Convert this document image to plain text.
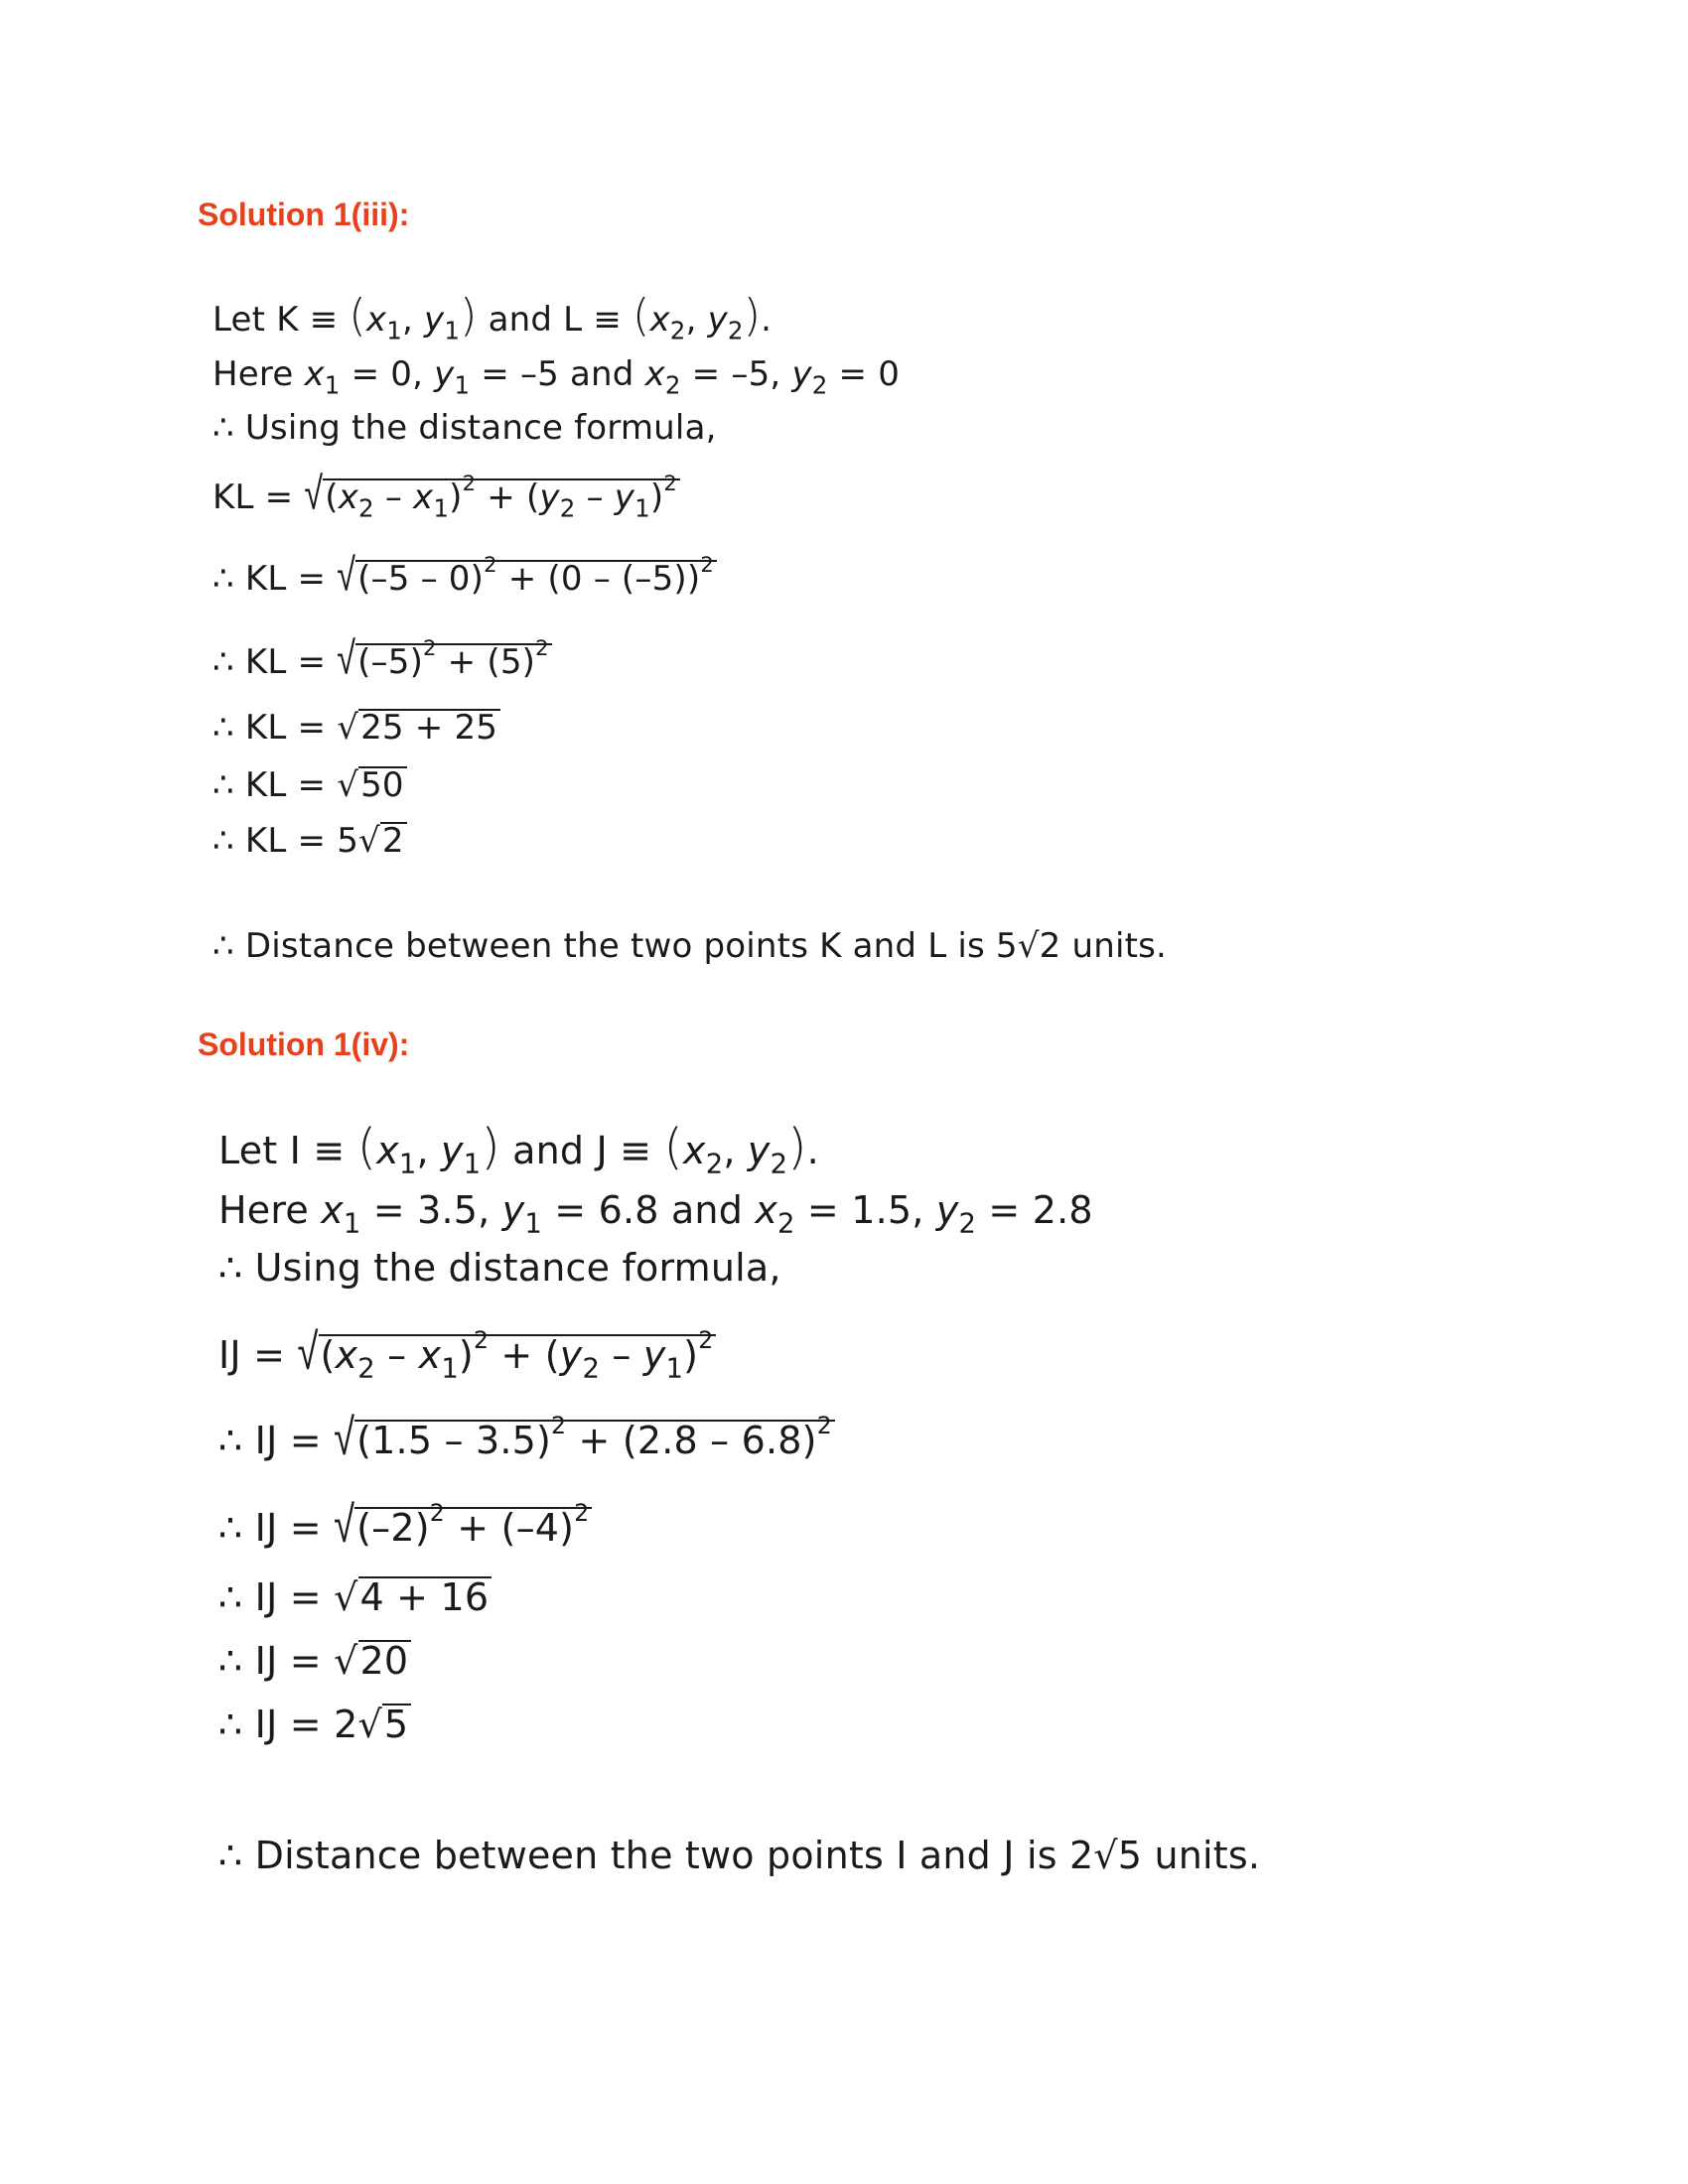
Solution 1(iii):
Let $K \equiv (x_1$, $y_1$) and $L \equiv (x_2$, $y_2$).
Here $x_1 = 0$, $y_1 = -5$ and $x_2 = -5$, $y_2 = 0$
∴ Using the distance formula,
KL = $√(x_2 - x_1)^2 + (y_2 - y_1)^2$
∴ KL = √(–5 – 0)$^2$ + (0 – (–5))$^2$
∴ KL = $√(-5)^2 + (5)^2$
∴ KL = √25 + 25
∴ KL = √50
∴ KL = 5√2
∴ Distance between the two points K and L is 5√2 units.
Solution 1(iv):
Let $I \equiv (x_1$, $y_1$) and $J \equiv (x_2$, $y_2$).
Here $x_1 = 3.5$, $y_1 = 6.8$ and $x_2 = 1.5$, $y_2 = 2.8$
∴ Using the distance formula,
IJ = $√(x_2 - x_1)^2 + (y_2 - y_1)^2$
∴ IJ = √(1.5 – 3.5)$^2$ + (2.8 – 6.8)$^2$
∴ IJ = $√(-2)^2 + (-4)^2$
∴ IJ = √4 + 16
∴ IJ = √20
∴ IJ = 2√5
∴ Distance between the two points I and J is 2√5 units.
